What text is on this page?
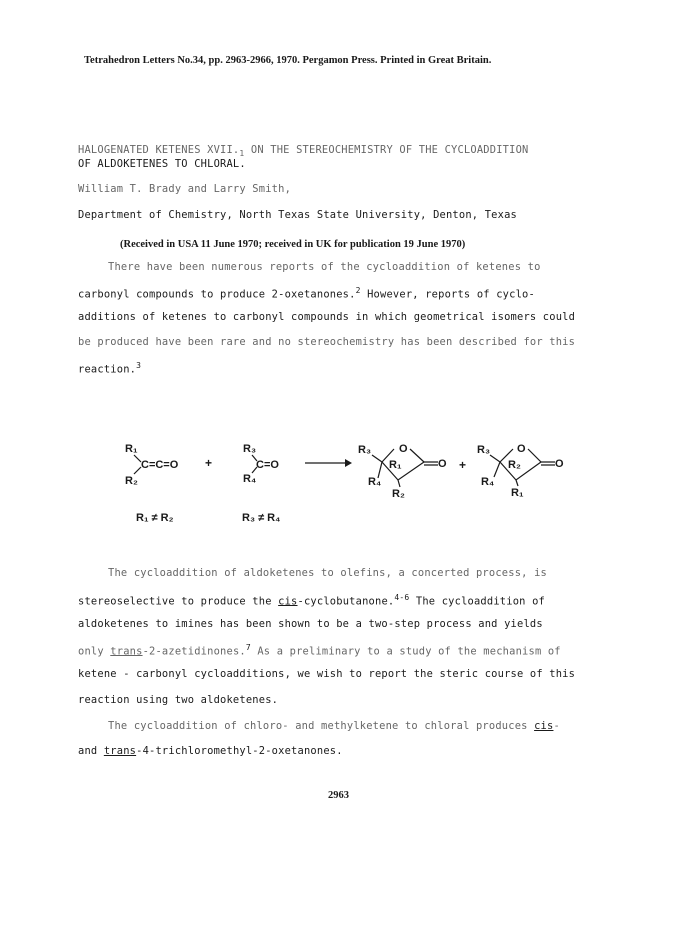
Tetrahedron Letters No.34, pp. 2963-2966, 1970. Pergamon Press. Printed in Great Britain.
HALOGENATED KETENES $XVII._1$ ON THE STEREOCHEMISTRY OF THE CYCLOADDITION
OF ALDOKETENES TO CHLORAL.
William T. Brady and Larry Smith,
Department of Chemistry, North Texas State University, Denton, Texas
(Received in USA 11 June 1970; received in UK for publication 19 June 1970)
There have been numerous reports of the cycloaddition of ketenes to
carbonyl compounds to produce 2-oxetanones.$^2$ However, reports of cyclo-
additions of ketenes to carbonyl compounds in which geometrical isomers could
be produced have been rare and no stereochemistry has been described for this
reaction.$^3$
R₁
R₂
C=C=O +
R₃
R₄
C=O
R₃	O
R₁
R₄
R₂
O +
R₃ O
R₂
R₄
R₁
O
R₁ ≠ R₂	R₃ ≠ R₄
The cycloaddition of aldoketenes to olefins, a concerted process, is
stereoselective to produce the cis-cyclobutanone.$^{4-6}$ The cycloaddition of
aldoketenes to imines has been shown to be a two-step process and yields
only trans-2-azetidinones.$^7$ As a preliminary to a study of the mechanism of
ketene - carbonyl cycloadditions, we wish to report the steric course of this
reaction using two aldoketenes.
The cycloaddition of chloro- and methylketene to chloral produces cis-
and trans-4-trichloromethyl-2-oxetanones.
2963
